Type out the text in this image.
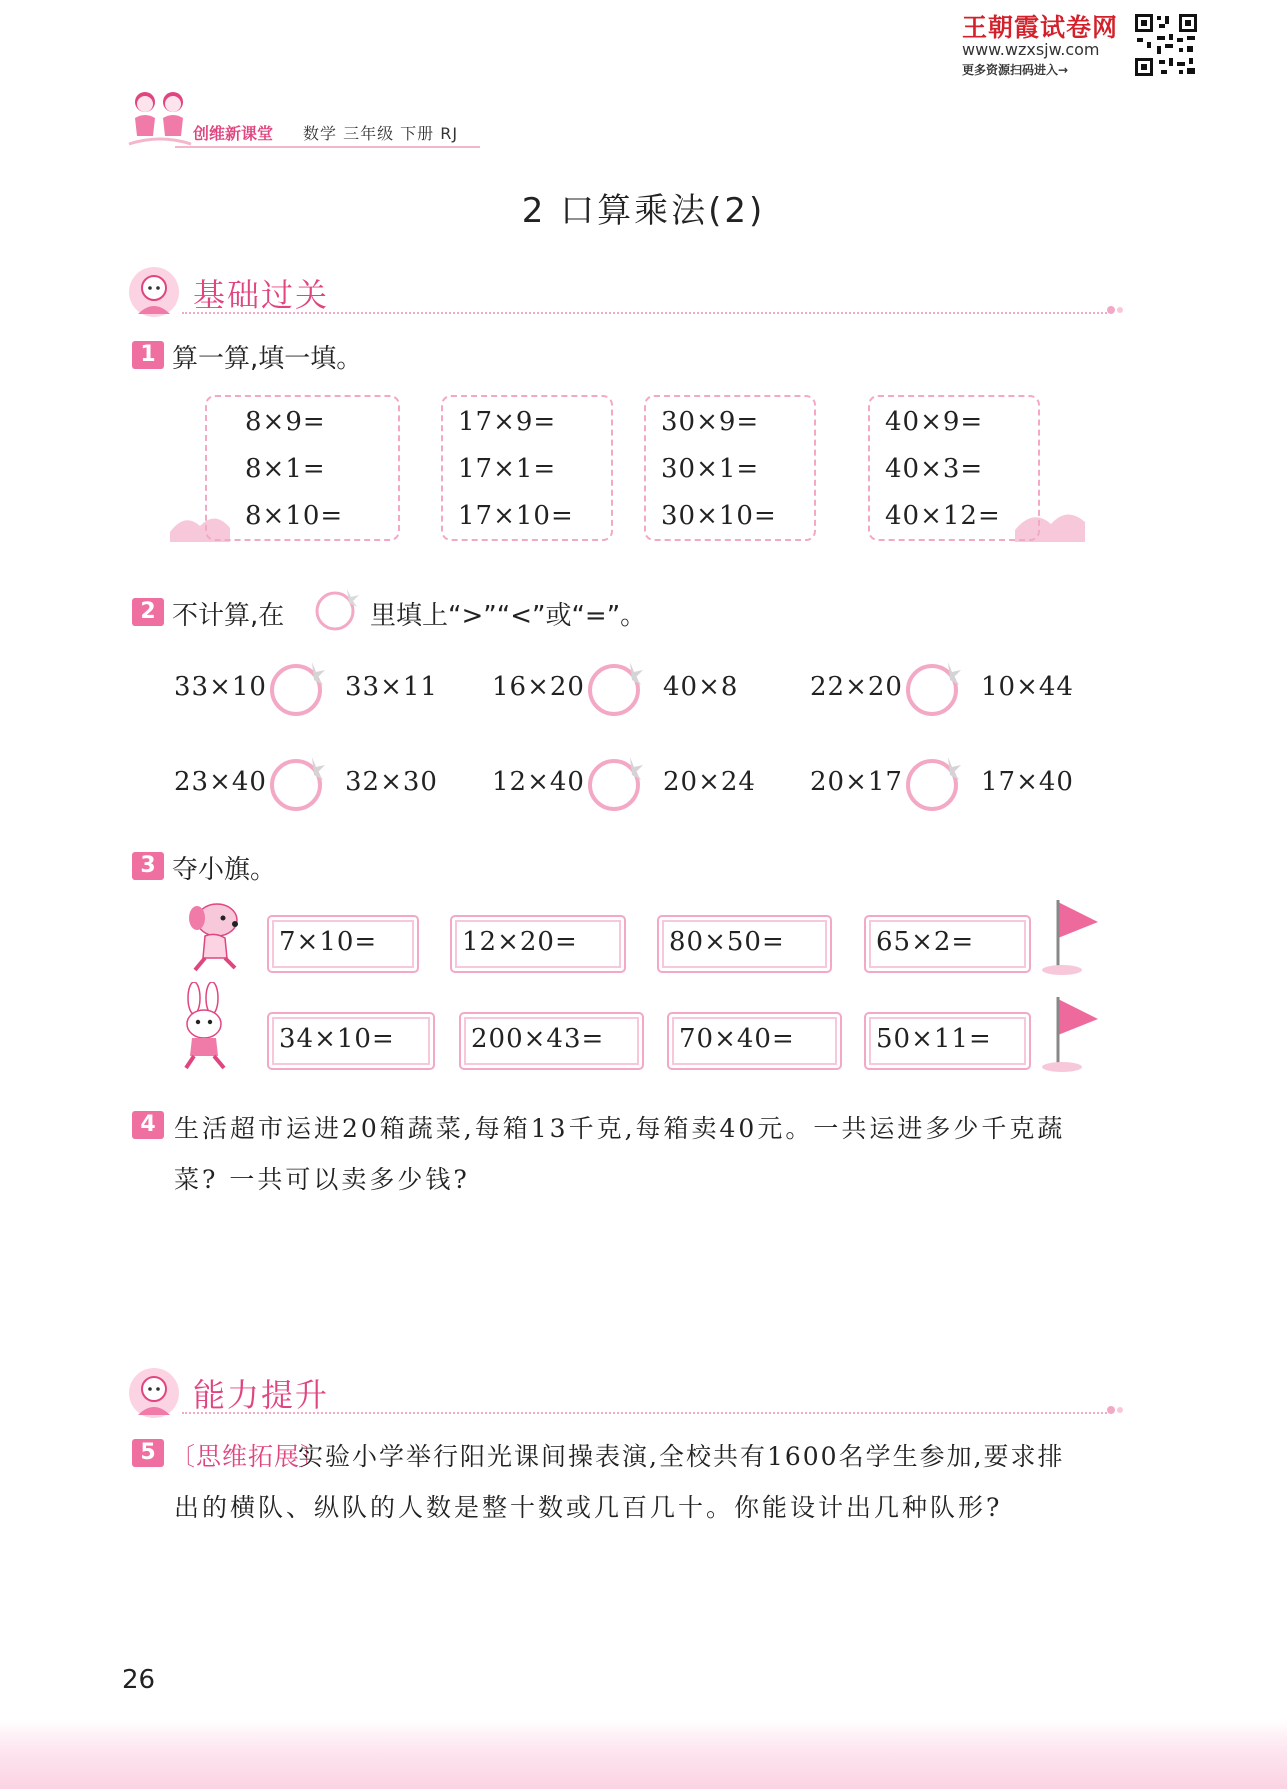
王朝霞试卷网
www.wzxsjw.com
更多资源扫码进入→
创维新课堂 数学 三年级 下册 RJ
2 口算乘法(2)
基础过关
1 算一算,填一填。
8×9=
8×1=
8×10=
17×9=
17×1=
17×10=
30×9=
30×1=
30×10=
40×9=
40×3=
40×12=
2 不计算,在	里填上“>”“<”或“=”。
33×10	33×11 16×20	40×8	22×20	10×44
23×40	32×30 12×40	20×24 20×17	17×40
3 夺小旗。
7×10=	12×20=	80×50=	65×2=
34×10=	200×43=	70×40=	50×11=
4 生活超市运进20箱蔬菜,每箱13千克,每箱卖40元。一共运进多少千克蔬
菜? 一共可以卖多少钱?
能力提升
5 〔思维拓展〕
实验小学举行阳光课间操表演,全校共有1600名学生参加,要求排
出的横队、纵队的人数是整十数或几百几十。你能设计出几种队形?
26
